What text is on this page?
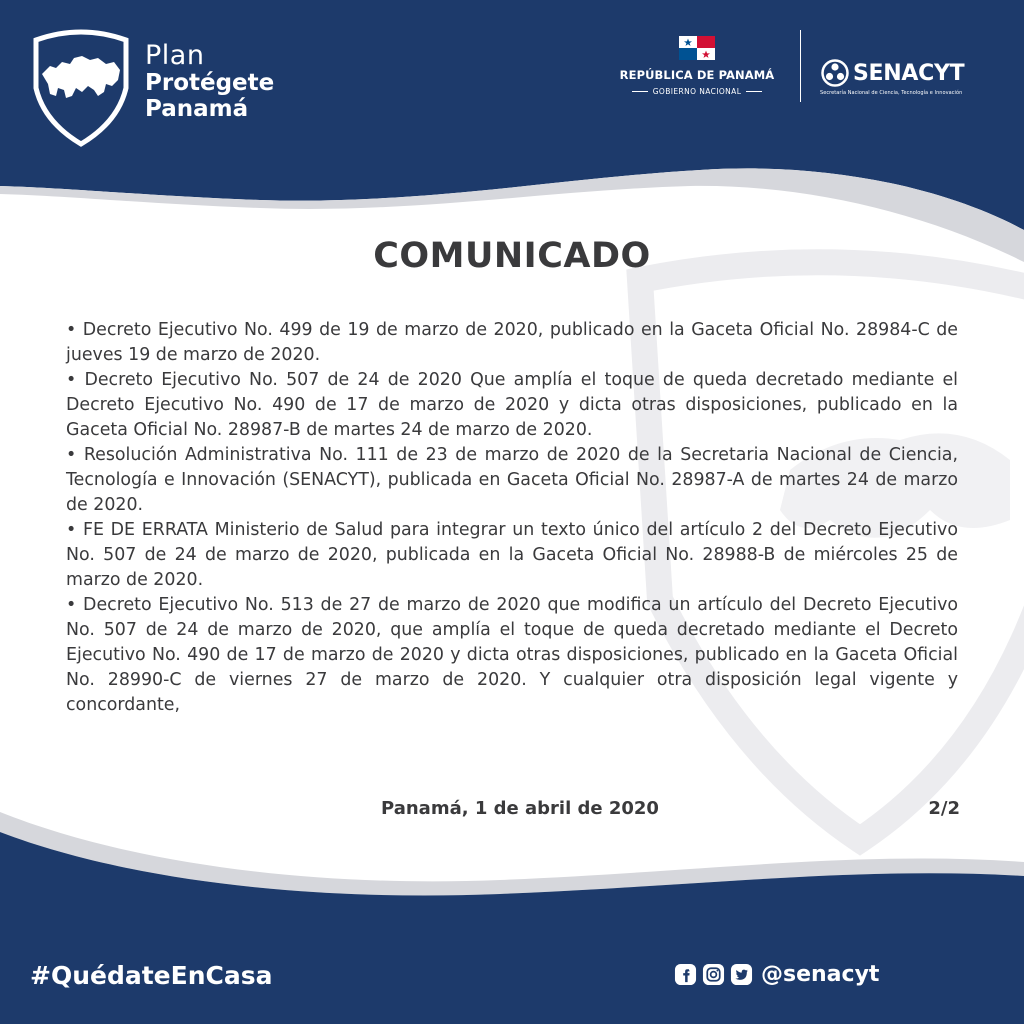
Plan
Protégete
Panamá
REPÚBLICA DE PANAMÁ
GOBIERNO NACIONAL
SENACYT
Secretaría Nacional de Ciencia, Tecnología e Innovación
COMUNICADO

• Decreto Ejecutivo No. 499 de 19 de marzo de 2020, publicado en la Gaceta Oficial No. 28984-C de jueves 19 de marzo de 2020.

• Decreto Ejecutivo No. 507 de 24 de 2020 Que amplía el toque de queda decretado mediante el Decreto Ejecutivo No. 490 de 17 de marzo de 2020 y dicta otras disposiciones, publicado en la Gaceta Oficial No. 28987-B de martes 24 de marzo de 2020.

• Resolución Administrativa No. 111 de 23 de marzo de 2020 de la Secretaria Nacional de Ciencia, Tecnología e Innovación (SENACYT), publicada en Gaceta Oficial No. 28987-A de martes 24 de marzo de 2020.

• FE DE ERRATA Ministerio de Salud para integrar un texto único del artículo 2 del Decreto Ejecutivo No. 507 de 24 de marzo de 2020, publicada en la Gaceta Oficial No. 28988-B de miércoles 25 de marzo de 2020.

• Decreto Ejecutivo No. 513 de 27 de marzo de 2020 que modifica un artículo del Decreto Ejecutivo No. 507 de 24 de marzo de 2020, que amplía el toque de queda decretado mediante el Decreto Ejecutivo No. 490 de 17 de marzo de 2020 y dicta otras disposiciones, publicado en la Gaceta Oficial No. 28990-C de viernes 27 de marzo de 2020. Y cualquier otra disposición legal vigente y concordante,

Panamá, 1 de abril de 2020	2/2
#QuédateEnCasa	@senacyt
